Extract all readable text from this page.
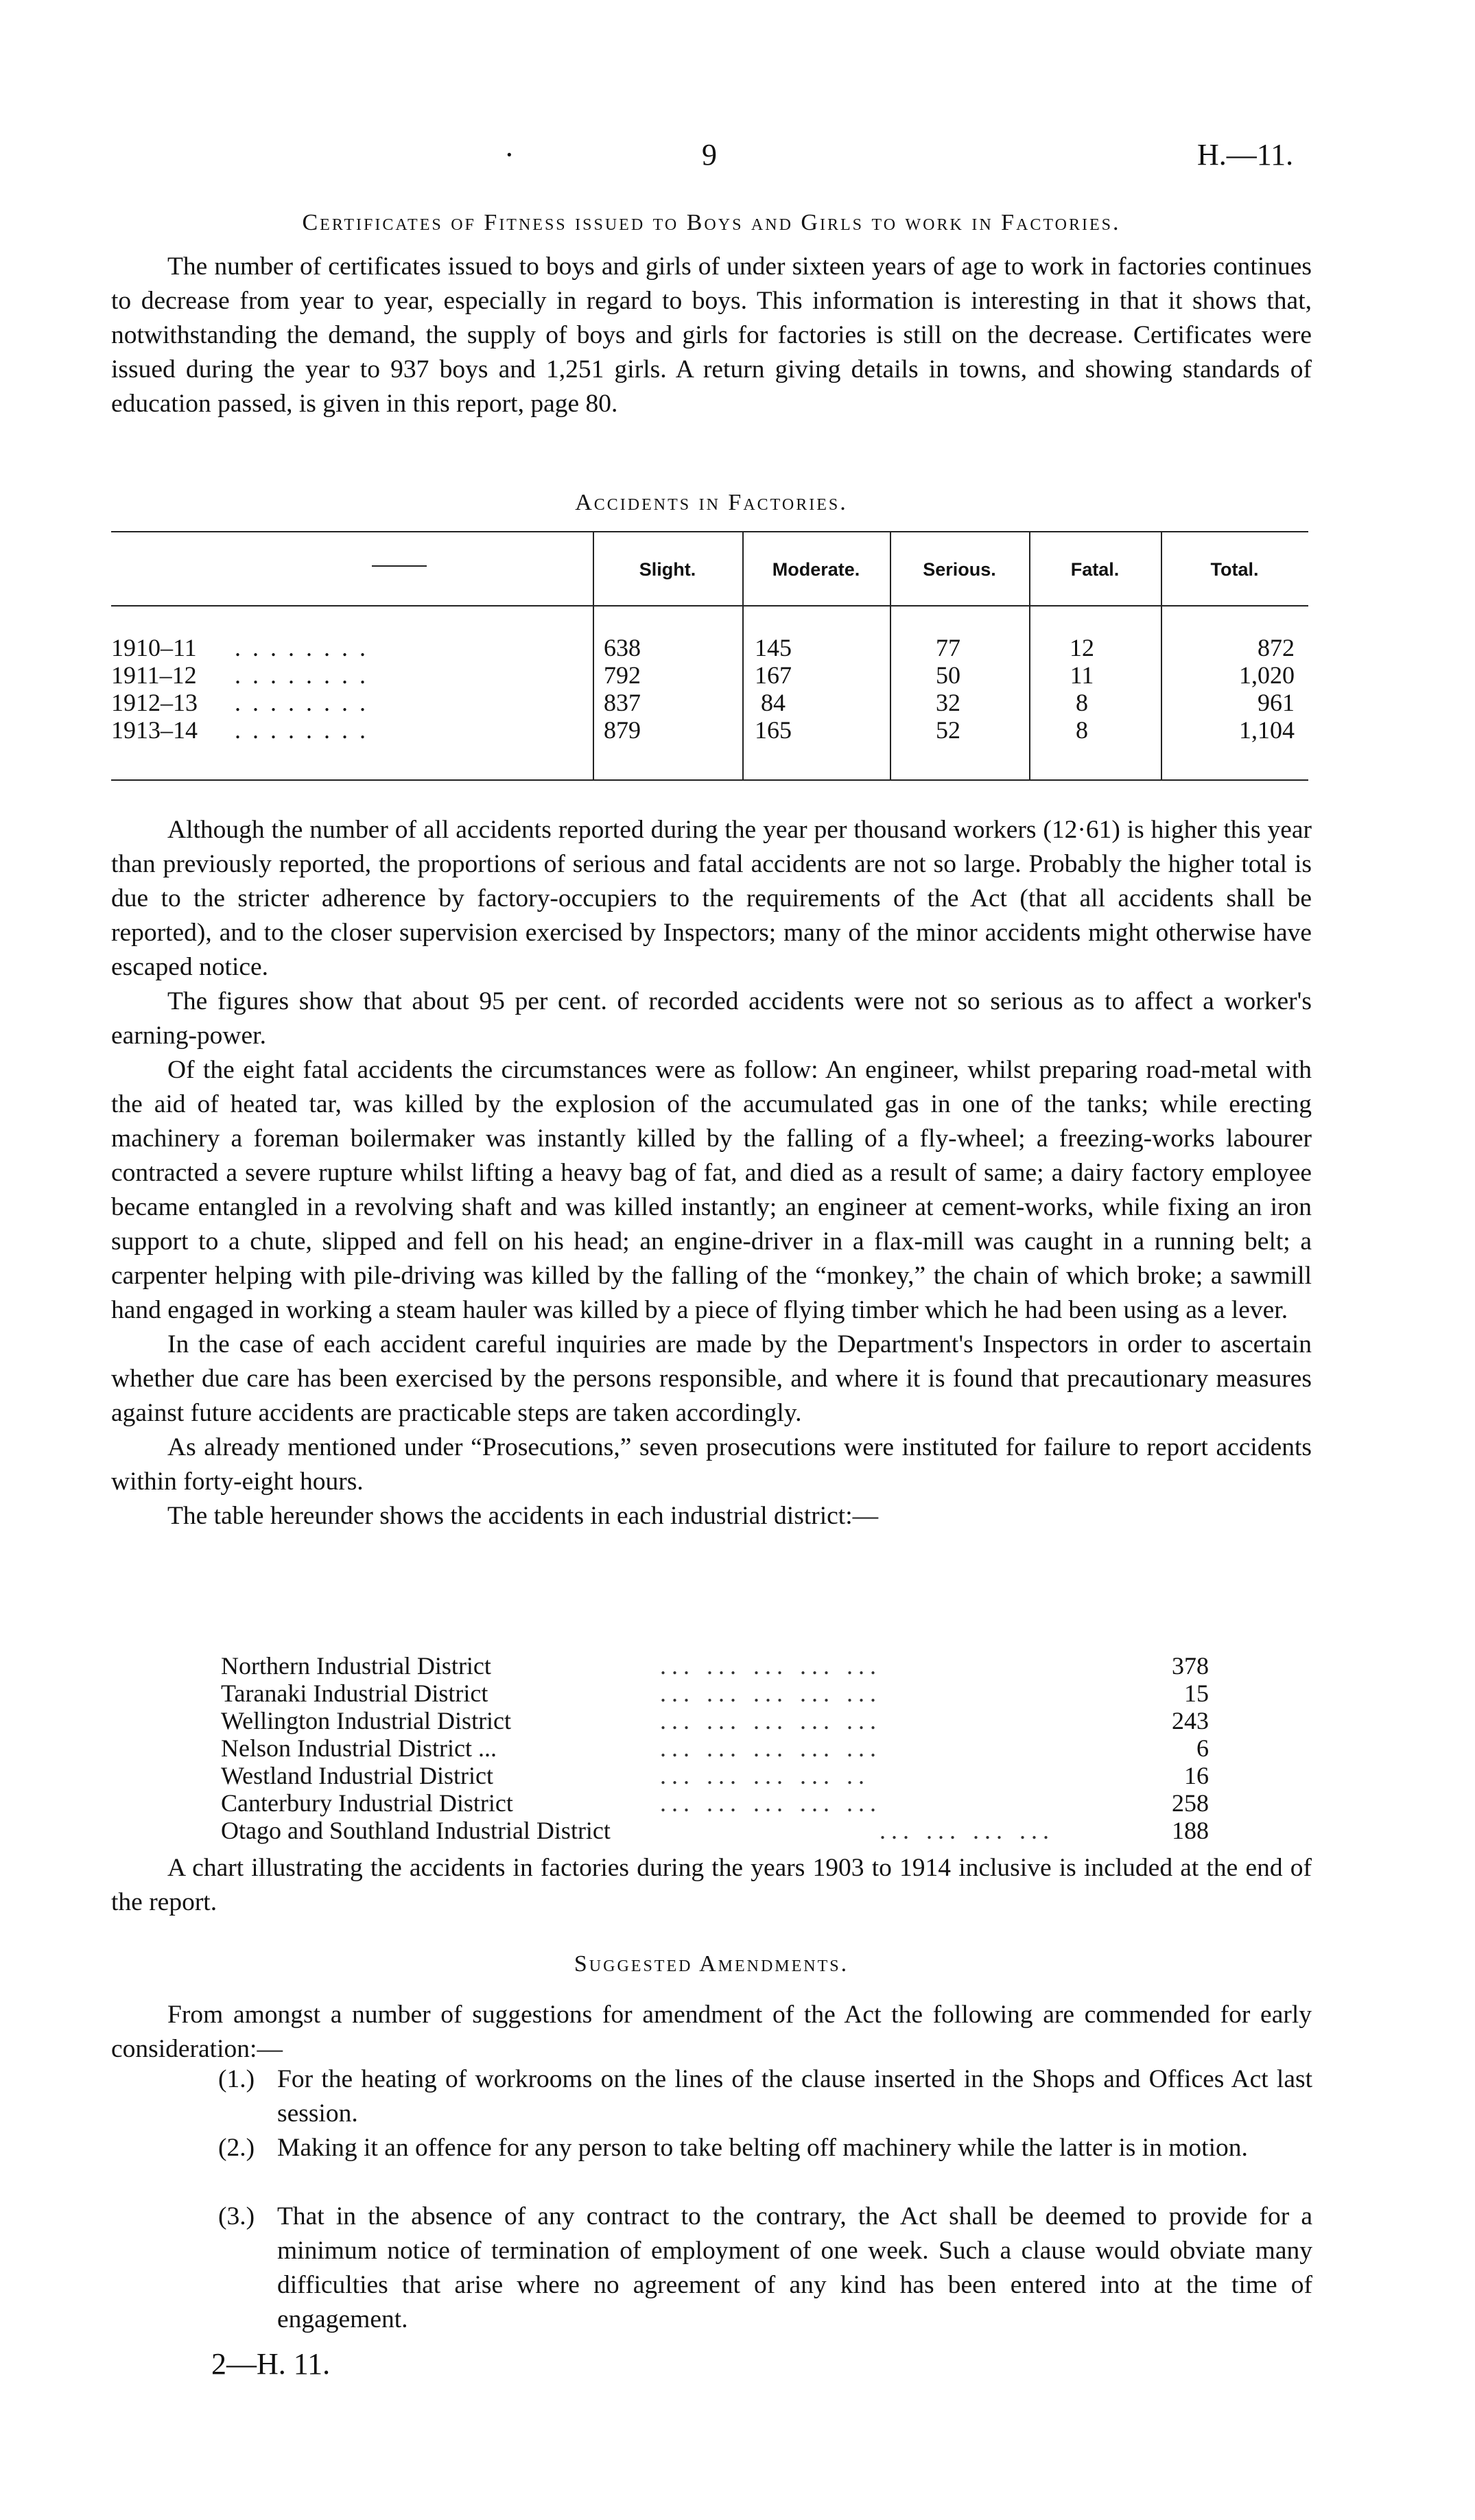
·	9	H.—11.
Certificates of Fitness issued to Boys and Girls to work in Factories.

The number of certificates issued to boys and girls of under sixteen years of age to work in factories continues to decrease from year to year, especially in regard to boys. This information is interesting in that it shows that, notwithstanding the demand, the supply of boys and girls for factories is still on the decrease. Certificates were issued during the year to 937 boys and 1,251 girls. A return giving details in towns, and showing standards of education passed, is given in this report, page 80.

Accidents in Factories.
Slight.	Moderate.	Serious.	Fatal.	Total.
1910–11 . . . . . . . .	638	145	77	12	872
1911–12 . . . . . . . .	792	167	50	11	1,020
1912–13 . . . . . . . .	837	84	32	8	961
1913–14 . . . . . . . .	879	165	52	8	1,104

Although the number of all accidents reported during the year per thousand workers (12·61) is higher this year than previously reported, the proportions of serious and fatal accidents are not so large. Probably the higher total is due to the stricter adherence by factory-occupiers to the requirements of the Act (that all accidents shall be reported), and to the closer supervision exercised by Inspectors; many of the minor accidents might otherwise have escaped notice.

The figures show that about 95 per cent. of recorded accidents were not so serious as to affect a worker's earning-power.

Of the eight fatal accidents the circumstances were as follow: An engineer, whilst preparing road-metal with the aid of heated tar, was killed by the explosion of the accumulated gas in one of the tanks; while erecting machinery a foreman boilermaker was instantly killed by the falling of a fly-wheel; a freezing-works labourer contracted a severe rupture whilst lifting a heavy bag of fat, and died as a result of same; a dairy factory employee became entangled in a revolving shaft and was killed instantly; an engineer at cement-works, while fixing an iron support to a chute, slipped and fell on his head; an engine-driver in a flax-mill was caught in a running belt; a carpenter helping with pile-driving was killed by the falling of the “monkey,” the chain of which broke; a sawmill hand engaged in working a steam hauler was killed by a piece of flying timber which he had been using as a lever.

In the case of each accident careful inquiries are made by the Department's Inspectors in order to ascertain whether due care has been exercised by the persons responsible, and where it is found that precautionary measures against future accidents are practicable steps are taken accordingly.

As already mentioned under “Prosecutions,” seven prosecutions were instituted for failure to report accidents within forty-eight hours.

The table hereunder shows the accidents in each industrial district:—

Northern Industrial District	... ... ... ... ...	378
Taranaki Industrial District	... ... ... ... ...	15
Wellington Industrial District	... ... ... ... ...	243
Nelson Industrial District ...	... ... ... ... ...	6
Westland Industrial District	... ... ... ... ..	16
Canterbury Industrial District	... ... ... ... ...	258
Otago and Southland Industrial District	... ... ... ...	188

A chart illustrating the accidents in factories during the years 1903 to 1914 inclusive is included at the end of the report.

Suggested Amendments.

From amongst a number of suggestions for amendment of the Act the following are commended for early consideration:—

(1.) For the heating of workrooms on the lines of the clause inserted in the Shops and Offices Act last session.
(2.) Making it an offence for any person to take belting off machinery while the latter is in motion.
(3.) That in the absence of any contract to the contrary, the Act shall be deemed to provide for a minimum notice of termination of employment of one week. Such a clause would obviate many difficulties that arise where no agreement of any kind has been entered into at the time of engagement.
2—H. 11.
